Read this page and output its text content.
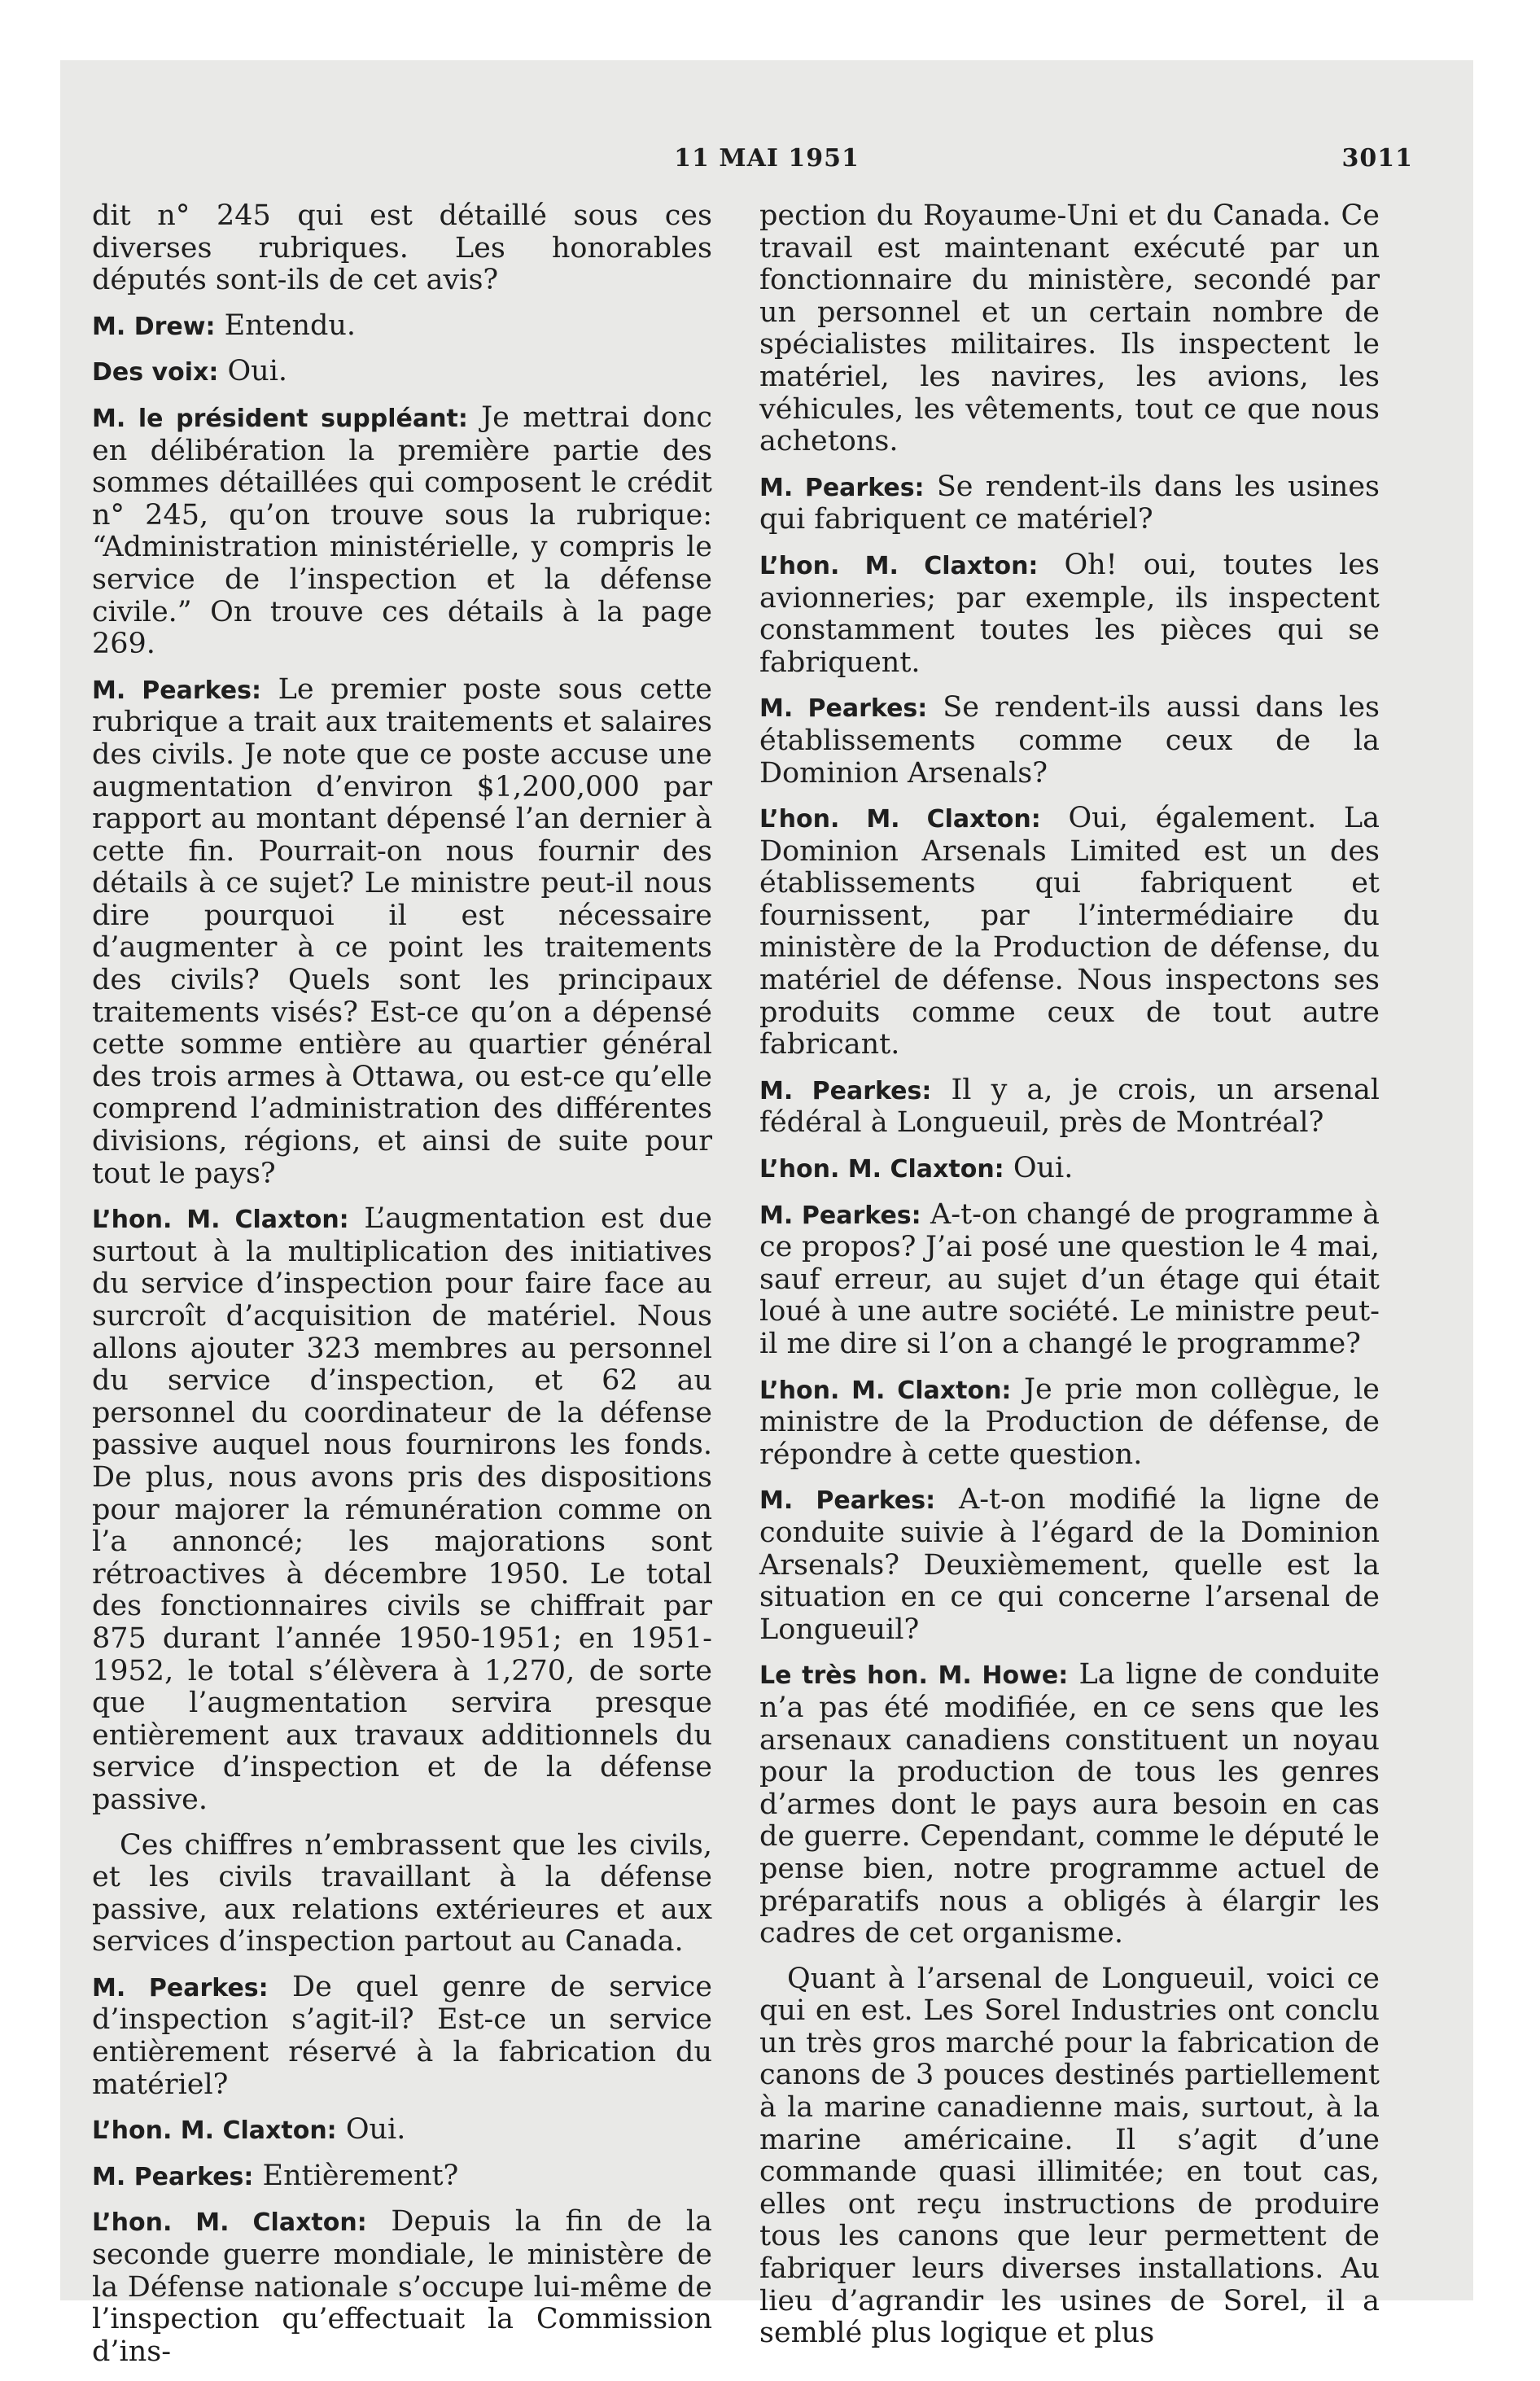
11 MAI 1951	3011

dit n° 245 qui est détaillé sous ces diverses rubriques. Les honorables députés sont-ils de cet avis?

M. Drew: Entendu.

Des voix: Oui.

M. le président suppléant: Je mettrai donc en délibération la première partie des sommes détaillées qui composent le crédit n° 245, qu’on trouve sous la rubrique: “Administration ministérielle, y compris le service de l’inspection et la défense civile.” On trouve ces détails à la page 269.

M. Pearkes: Le premier poste sous cette rubrique a trait aux traitements et salaires des civils. Je note que ce poste accuse une augmentation d’environ $1,200,000 par rapport au montant dépensé l’an dernier à cette fin. Pourrait-on nous fournir des détails à ce sujet? Le ministre peut-il nous dire pourquoi il est nécessaire d’augmenter à ce point les traitements des civils? Quels sont les principaux traitements visés? Est-ce qu’on a dépensé cette somme entière au quartier général des trois armes à Ottawa, ou est-ce qu’elle comprend l’administration des différentes divisions, régions, et ainsi de suite pour tout le pays?

L’hon. M. Claxton: L’augmentation est due surtout à la multiplication des initiatives du service d’inspection pour faire face au surcroît d’acquisition de matériel. Nous allons ajouter 323 membres au personnel du service d’inspection, et 62 au personnel du coordinateur de la défense passive auquel nous fournirons les fonds. De plus, nous avons pris des dispositions pour majorer la rémunération comme on l’a annoncé; les majorations sont rétroactives à décembre 1950. Le total des fonctionnaires civils se chiffrait par 875 durant l’année 1950-1951; en 1951-1952, le total s’élèvera à 1,270, de sorte que l’augmentation servira presque entièrement aux travaux additionnels du service d’inspection et de la défense passive.

Ces chiffres n’embrassent que les civils, et les civils travaillant à la défense passive, aux relations extérieures et aux services d’inspection partout au Canada.

M. Pearkes: De quel genre de service d’inspection s’agit-il? Est-ce un service entièrement réservé à la fabrication du matériel?

L’hon. M. Claxton: Oui.

M. Pearkes: Entièrement?

L’hon. M. Claxton: Depuis la fin de la seconde guerre mondiale, le ministère de la Défense nationale s’occupe lui-même de l’inspection qu’effectuait la Commission d’ins-

pection du Royaume-Uni et du Canada. Ce travail est maintenant exécuté par un fonctionnaire du ministère, secondé par un personnel et un certain nombre de spécialistes militaires. Ils inspectent le matériel, les navires, les avions, les véhicules, les vêtements, tout ce que nous achetons.

M. Pearkes: Se rendent-ils dans les usines qui fabriquent ce matériel?

L’hon. M. Claxton: Oh! oui, toutes les avionneries; par exemple, ils inspectent constamment toutes les pièces qui se fabriquent.

M. Pearkes: Se rendent-ils aussi dans les établissements comme ceux de la Dominion Arsenals?

L’hon. M. Claxton: Oui, également. La Dominion Arsenals Limited est un des établissements qui fabriquent et fournissent, par l’intermédiaire du ministère de la Production de défense, du matériel de défense. Nous inspectons ses produits comme ceux de tout autre fabricant.

M. Pearkes: Il y a, je crois, un arsenal fédéral à Longueuil, près de Montréal?

L’hon. M. Claxton: Oui.

M. Pearkes: A-t-on changé de programme à ce propos? J’ai posé une question le 4 mai, sauf erreur, au sujet d’un étage qui était loué à une autre société. Le ministre peut-il me dire si l’on a changé le programme?

L’hon. M. Claxton: Je prie mon collègue, le ministre de la Production de défense, de répondre à cette question.

M. Pearkes: A-t-on modifié la ligne de conduite suivie à l’égard de la Dominion Arsenals? Deuxièmement, quelle est la situation en ce qui concerne l’arsenal de Longueuil?

Le très hon. M. Howe: La ligne de conduite n’a pas été modifiée, en ce sens que les arsenaux canadiens constituent un noyau pour la production de tous les genres d’armes dont le pays aura besoin en cas de guerre. Cependant, comme le député le pense bien, notre programme actuel de préparatifs nous a obligés à élargir les cadres de cet organisme.

Quant à l’arsenal de Longueuil, voici ce qui en est. Les Sorel Industries ont conclu un très gros marché pour la fabrication de canons de 3 pouces destinés partiellement à la marine canadienne mais, surtout, à la marine américaine. Il s’agit d’une commande quasi illimitée; en tout cas, elles ont reçu instructions de produire tous les canons que leur permettent de fabriquer leurs diverses installations. Au lieu d’agrandir les usines de Sorel, il a semblé plus logique et plus
